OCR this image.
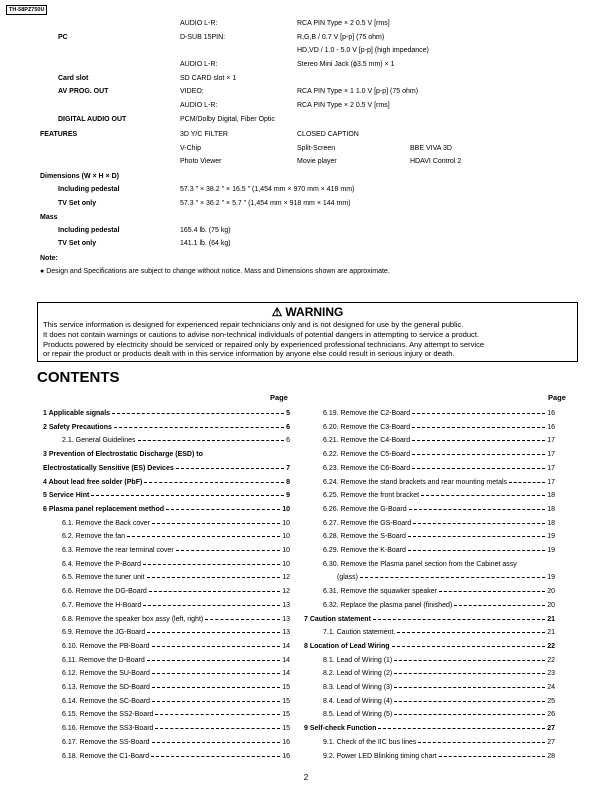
TH-58PZ750U
AUDIO L-R:	RCA PIN Type × 2 0.5 V [rms]
PC	D-SUB 15PIN:	R,G,B / 0.7 V [p-p] (75 ohm)
HD,VD / 1.0 - 5.0 V [p-p] (high impedance)
AUDIO L-R:	Stereo Mini Jack (ϕ3.5 mm) × 1
Card slot	SD CARD slot × 1
AV PROG. OUT	VIDEO:	RCA PIN Type × 1 1.0 V [p-p] (75 ohm)
AUDIO L-R:	RCA PIN Type × 2 0.5 V [rms]
DIGITAL AUDIO OUT	PCM/Dolby Digital, Fiber Optic
FEATURES	3D Y/C FILTER	CLOSED CAPTION
V-Chip	Split-Screen	BBE VIVA 3D
Photo Viewer	Movie player	HDAVI Control 2
Dimensions (W × H × D)
Including pedestal	57.3 " × 38.2 " × 16.5 " (1,454 mm × 970 mm × 418 mm)
TV Set only	57.3 " × 36.2 " × 5.7 " (1,454 mm × 918 mm × 144 mm)
Mass
Including pedestal	165.4 lb. (75 kg)
TV Set only	141.1 lb. (64 kg)
Note:
● Design and Specifications are subject to change without notice. Mass and Dimensions shown are approximate.
⚠ WARNING
This service information is designed for experienced repair technicians only and is not designed for use by the general public.
It does not contain warnings or cautions to advise non-technical individuals of potential dangers in attempting to service a product.
Products powered by electricity should be serviced or repaired only by experienced professional technicians. Any attempt to service
or repair the product or products dealt with in this service information by anyone else could result in serious injury or death.
CONTENTS
Page	Page
1 Applicable signals	5
2 Safety Precautions	6
2.1. General Guidelines	6
3 Prevention of Electrostatic Discharge (ESD) to
Electrostatically Sensitive (ES) Devices	7
4 About lead free solder (PbF)	8
5 Service Hint	9
6 Plasma panel replacement method	10
6.1. Remove the Back cover	10
6.2. Remove the fan	10
6.3. Remove the rear terminal cover	10
6.4. Remove the P-Board	10
6.5. Remove the tuner unit	12
6.6. Remove the DG-Board	12
6.7. Remove the H-Board	13
6.8. Remove the speaker box assy (left, right)	13
6.9. Remove the JG-Board	13
6.10. Remove the PB-Board	14
6.11. Remove the D-Board	14
6.12. Remove the SU-Board	14
6.13. Remove the SD-Board	15
6.14. Remove the SC-Board	15
6.15. Remove the SS2-Board	15
6.16. Remove the SS3-Board	15
6.17. Remove the SS-Board	16
6.18. Remove the C1-Board	16
6.19. Remove the C2-Board	16
6.20. Remove the C3-Board	16
6.21. Remove the C4-Board	17
6.22. Remove the C5-Board	17
6.23. Remove the C6-Board	17
6.24. Remove the stand brackets and rear mounting metals	17
6.25. Remove the front bracket	18
6.26. Remove the G-Board	18
6.27. Remove the GS-Board	18
6.28. Remove the S-Board	19
6.29. Remove the K-Board	19
6.30. Remove the Plasma panel section from the Cabinet assy
(glass)	19
6.31. Remove the squawker speaker	20
6.32. Replace the plasma panel (finished)	20
7 Caution statement	21
7.1. Caution statement.	21
8 Location of Lead Wiring	22
8.1. Lead of Wiring (1)	22
8.2. Lead of Wiring (2)	23
8.3. Lead of Wiring (3)	24
8.4. Lead of Wiring (4)	25
8.5. Lead of Wiring (5)	26
9 Self-check Function	27
9.1. Check of the IIC bus lines	27
9.2. Power LED Blinking timing chart	28
2
